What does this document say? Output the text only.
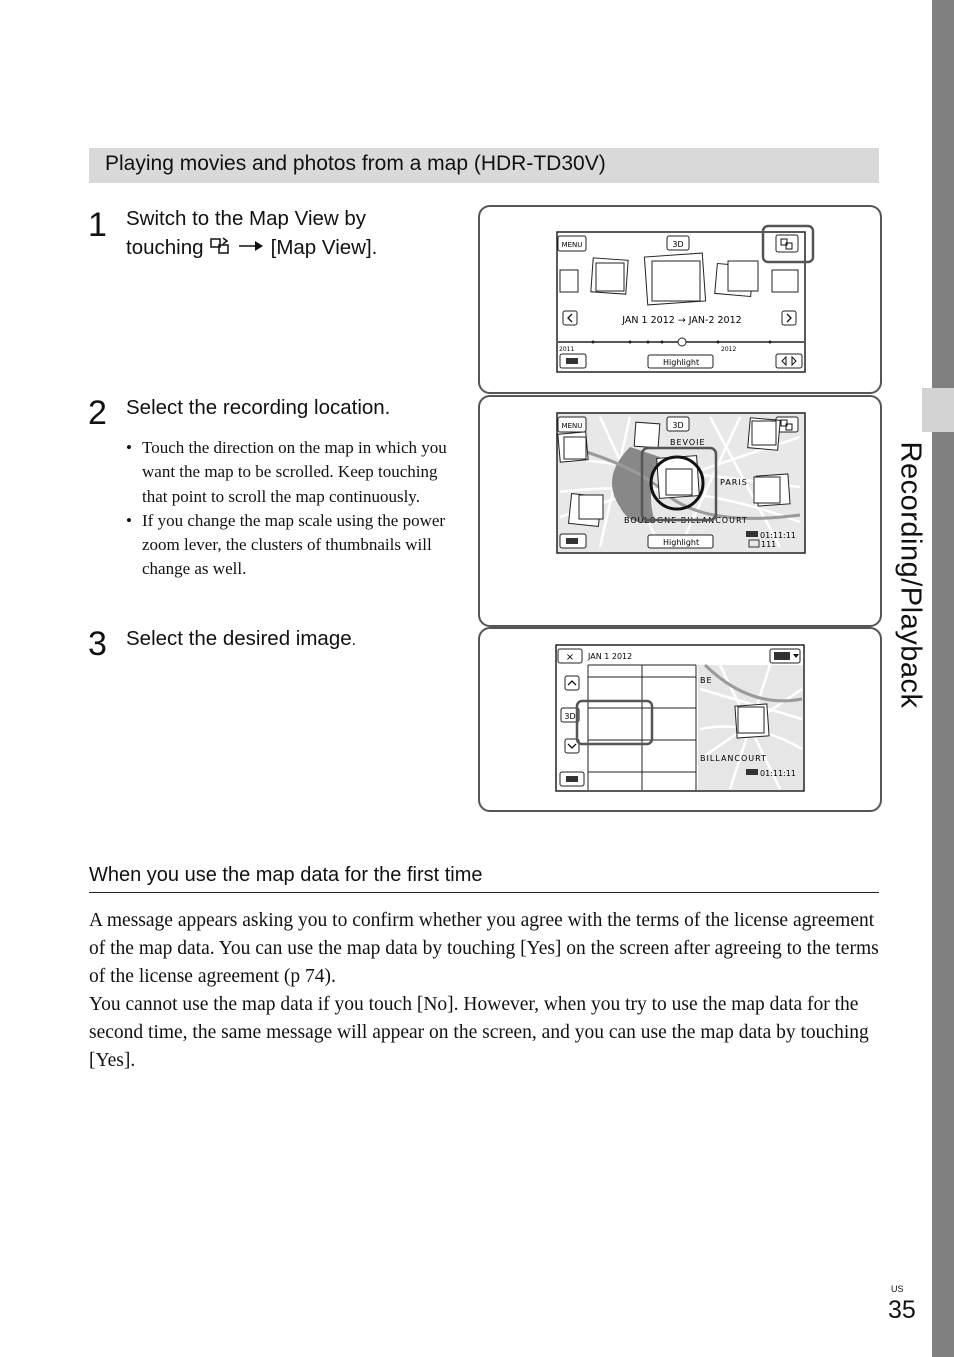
Recording/Playback
Playing movies and photos from a map (HDR-TD30V)
1 Switch to the Map View by
touching	[Map View].
2 Select the recording location.
• Touch the direction on the map in which you want the map to be scrolled. Keep touching that point to scroll the map continuously.
• If you change the map scale using the power zoom lever, the clusters of thumbnails will change as well.
3 Select the desired image.
MENU	3D
JAN 1 2012 → JAN-2 2012
2011	2012
Highlight
MENU	3D
BEVOIE
PARIS
BOULOGNE-BILLANCOURT
Highlight
01:11:11
111
BE
BILLANCOURT
× JAN 1 2012
3D
01:11:11
When you use the map data for the first time

A message appears asking you to confirm whether you agree with the terms of the license agreement of the map data. You can use the map data by touching [Yes] on the screen after agreeing to the terms of the license agreement (p 74).

You cannot use the map data if you touch [No]. However, when you try to use the map data for the second time, the same message will appear on the screen, and you can use the map data by touching [Yes].

US
35
